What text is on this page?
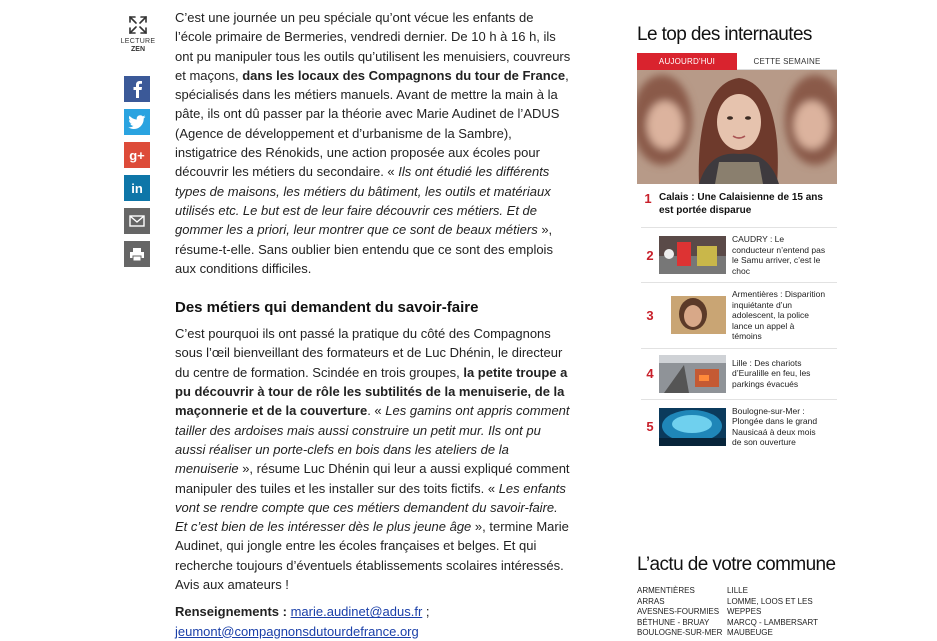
LECTURE
ZEN
g+
in

C’est une journée un peu spéciale qu’ont vécue les enfants de l’école primaire de Bermeries, vendredi dernier. De 10 h à 16 h, ils ont pu manipuler tous les outils qu’utilisent les menuisiers, couvreurs et maçons, dans les locaux des Compagnons du tour de France, spécialisés dans les métiers manuels. Avant de mettre la main à la pâte, ils ont dû passer par la théorie avec Marie Audinet de l’ADUS (Agence de développement et d’urbanisme de la Sambre), instigatrice des Rénokids, une action proposée aux écoles pour découvrir les métiers du secondaire. « Ils ont étudié les différents types de maisons, les métiers du bâtiment, les outils et matériaux utilisés etc. Le but est de leur faire découvrir ces métiers. Et de gommer les a priori, leur montrer que ce sont de beaux métiers », résume-t-elle. Sans oublier bien entendu que ce sont des emplois aux conditions difficiles.

Des métiers qui demandent du savoir-faire

C’est pourquoi ils ont passé la pratique du côté des Compagnons sous l’œil bienveillant des formateurs et de Luc Dhénin, le directeur du centre de formation. Scindée en trois groupes, la petite troupe a pu découvrir à tour de rôle les subtilités de la menuiserie, de la maçonnerie et de la couverture. « Les gamins ont appris comment tailler des ardoises mais aussi construire un petit mur. Ils ont pu aussi réaliser un porte-clefs en bois dans les ateliers de la menuiserie », résume Luc Dhénin qui leur a aussi expliqué comment manipuler des tuiles et les installer sur des toits fictifs. « Les enfants vont se rendre compte que ces métiers demandent du savoir-faire. Et c’est bien de les intéresser dès le plus jeune âge », termine Marie Audinet, qui jongle entre les écoles françaises et belges. Et qui recherche toujours d’éventuels établissements scolaires intéressés. Avis aux amateurs !

Renseignements : marie.audinet@adus.fr ; jeumont@compagnonsdutourdefrance.org

Le top des internautes
AUJOURD'HUI	CETTE SEMAINE
1 Calais : Une Calaisienne de 15 ans est portée disparue
2
CAUDRY : Le conducteur n’entend pas le Samu arriver, c’est le choc
3
Armentières : Disparition inquiétante d’un adolescent, la police lance un appel à témoins
4
Lille : Des chariots d’Euralille en feu, les parkings évacués
5
Boulogne-sur-Mer : Plongée dans le grand Nausicaá à deux mois de son ouverture
L’actu de votre commune
ARMENTIÈRES
ARRAS
AVESNES-FOURMIES
BÉTHUNE - BRUAY
BOULOGNE-SUR-MER
LILLE
LOMME, LOOS ET LES WEPPES
MARCQ - LAMBERSART
MAUBEUGE
